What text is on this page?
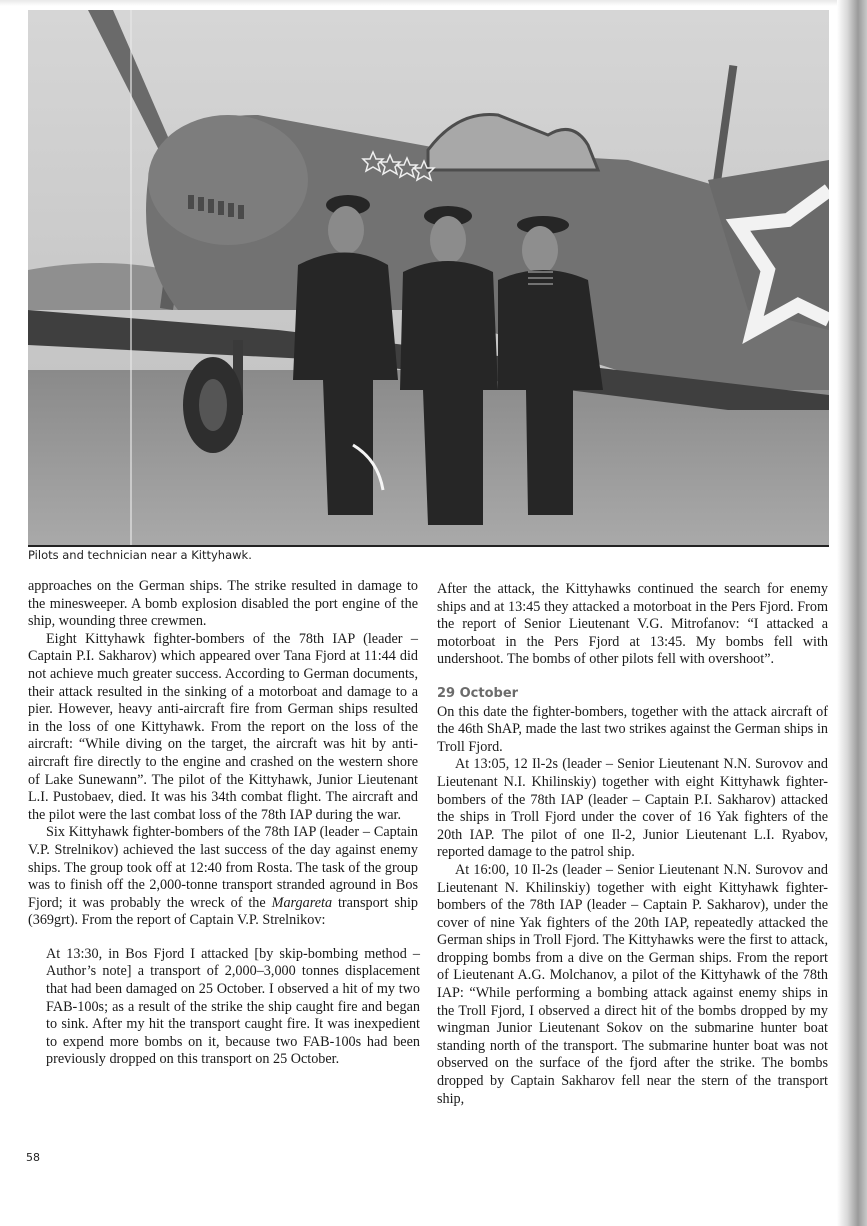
Pilots and technician near a Kittyhawk.

approaches on the German ships. The strike resulted in damage to the minesweeper. A bomb explosion disabled the port engine of the ship, wounding three crewmen.

Eight Kittyhawk fighter-bombers of the 78th IAP (leader – Captain P.I. Sakharov) which appeared over Tana Fjord at 11:44 did not achieve much greater success. According to German documents, their attack resulted in the sinking of a motorboat and damage to a pier. However, heavy anti-aircraft fire from German ships resulted in the loss of one Kittyhawk. From the report on the loss of the aircraft: “While diving on the target, the aircraft was hit by anti-aircraft fire directly to the engine and crashed on the western shore of Lake Sunewann”. The pilot of the Kittyhawk, Junior Lieutenant L.I. Pustobaev, died. It was his 34th combat flight. The aircraft and the pilot were the last combat loss of the 78th IAP during the war.

Six Kittyhawk fighter-bombers of the 78th IAP (leader – Captain V.P. Strelnikov) achieved the last success of the day against enemy ships. The group took off at 12:40 from Rosta. The task of the group was to finish off the 2,000-tonne transport stranded aground in Bos Fjord; it was probably the wreck of the Margareta transport ship (369grt). From the report of Captain V.P. Strelnikov:

At 13:30, in Bos Fjord I attacked [by skip-bombing method – Author’s note] a transport of 2,000–3,000 tonnes displacement that had been damaged on 25 October. I observed a hit of my two FAB-100s; as a result of the strike the ship caught fire and began to sink. After my hit the transport caught fire. It was inexpedient to expend more bombs on it, because two FAB-100s had been previously dropped on this transport on 25 October.

After the attack, the Kittyhawks continued the search for enemy ships and at 13:45 they attacked a motorboat in the Pers Fjord. From the report of Senior Lieutenant V.G. Mitrofanov: “I attacked a motorboat in the Pers Fjord at 13:45. My bombs fell with undershoot. The bombs of other pilots fell with overshoot”.

29 October

On this date the fighter-bombers, together with the attack aircraft of the 46th ShAP, made the last two strikes against the German ships in Troll Fjord.

At 13:05, 12 Il-2s (leader – Senior Lieutenant N.N. Surovov and Lieutenant N.I. Khilinskiy) together with eight Kittyhawk fighter-bombers of the 78th IAP (leader – Captain P.I. Sakharov) attacked the ships in Troll Fjord under the cover of 16 Yak fighters of the 20th IAP. The pilot of one Il-2, Junior Lieutenant L.I. Ryabov, reported damage to the patrol ship.

At 16:00, 10 Il-2s (leader – Senior Lieutenant N.N. Surovov and Lieutenant N. Khilinskiy) together with eight Kittyhawk fighter-bombers of the 78th IAP (leader – Captain P. Sakharov), under the cover of nine Yak fighters of the 20th IAP, repeatedly attacked the German ships in Troll Fjord. The Kittyhawks were the first to attack, dropping bombs from a dive on the German ships. From the report of Lieutenant A.G. Molchanov, a pilot of the Kittyhawk of the 78th IAP: “While performing a bombing attack against enemy ships in the Troll Fjord, I observed a direct hit of the bombs dropped by my wingman Junior Lieutenant Sokov on the submarine hunter boat standing north of the transport. The submarine hunter boat was not observed on the surface of the fjord after the strike. The bombs dropped by Captain Sakharov fell near the stern of the transport ship,

58
